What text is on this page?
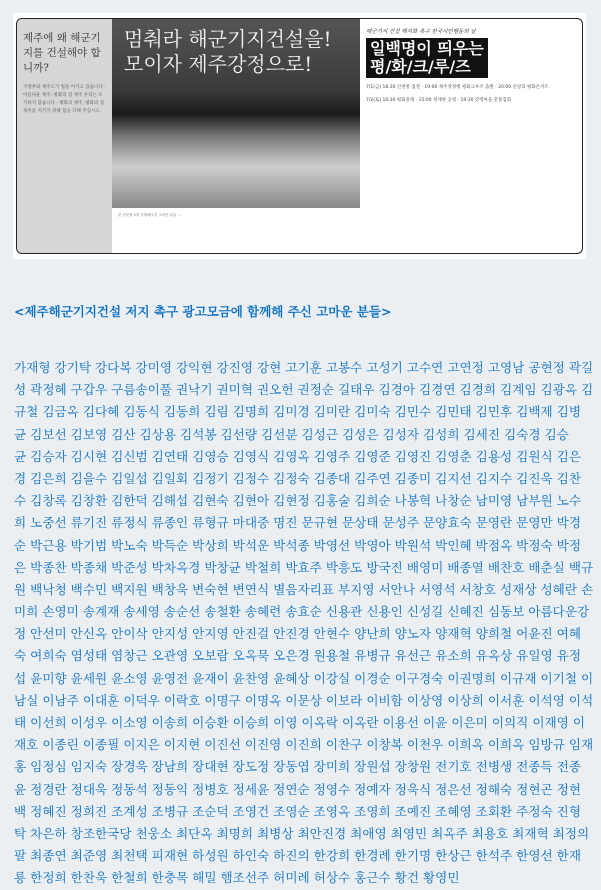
제주에 왜 해군기지를 건설해야 합니까?
국방부와 제주도가 법을 어기고 있습니다 · 아름다운 제주, 평화의 섬 제주 우리는 포기하지 않습니다 · 평화의 제주, 평화의 섬 제주를 지키기 위해 힘을 더해 주십시오.
멈춰라 해군기지건설을!
모이자 제주강정으로!
해군기지 건설 백지화 촉구 전국시민행동의 날
일백명이 띄우는
평/화/크/루/즈
7/1(금) 18:30 인천항 집결 · 19:00 제주강정행 평화크루즈 출발 · 20:00 선상의 평화콘서트
7/2(토) 10:30 평화올레 · 15:00 정세한 공청 · 19:30 강정마을 촛불집회
본 신문광고를 후원해주신 고마운 분들 ...
<제주해군기지건설 저지 촉구 광고모금에 함께해 주신 고마운 분들>
가재형 강기탁 강다복 강미영 강익현 강진영 강현 고기훈 고봉수 고성기 고수연 고연정 고영남 공현정 곽길
성 곽정혜 구갑우 구름송이풀 권낙기 권미혁 권오헌 권정순 길태우 김경아 김경연 김경희 김계임 김광옥 김
규철 김금옥 김다혜 김동식 김동희 김림 김명희 김미경 김미란 김미숙 김민수 김민태 김민후 김백제 김병
균 김보선 김보영 김산 김상용 김석봉 김선량 김선분 김성근 김성은 김성자 김성희 김세진 김숙경 김승
균 김승자 김시현 김신범 김연태 김영승 김영식 김영옥 김영주 김영준 김영진 김영춘 김용성 김원식 김은
경 김은희 김을수 김일섭 김일회 김정기 김정수 김정숙 김종대 김주연 김종미 김지선 김지수 김진욱 김찬
수 김창록 김창환 김한덕 김해섭 김현숙 김현아 김현정 김홍술 김희순 나봉혁 나창순 남미영 남부원 노수
희 노중선 류기진 류정식 류종인 류형규 마대중 명진 문규현 문상태 문성주 문양효숙 문영란 문영만 박경
순 박근용 박기범 박노숙 박득순 박상희 박석운 박석종 박영선 박영아 박원석 박인혜 박점옥 박정숙 박정
은 박종찬 박종채 박준성 박차옥경 박창균 박철희 박효주 박흥도 방국진 배영미 배종열 배찬호 배춘실 백규
원 백낙청 백수민 백지원 백창욱 변숙현 변연식 별음자리표 부지영 서안나 서영석 서창호 성재상 성혜란 손
미희 손영미 송계재 송세영 송순선 송철환 송혜련 송효순 신용관 신용인 신성길 신혜진 심동보 아름다운강
정 안선미 안신옥 안이삭 안지성 안지영 안진걸 안진경 안현수 양난희 양노자 양재혁 양희철 어윤진 여혜
숙 여희숙 염성태 염창근 오관영 오보람 오옥묵 오은경 원용철 유병규 유선근 유소희 유옥상 유일영 유정
섭 윤미향 윤세원 윤소영 윤영전 윤재이 윤찬영 윤혜상 이강실 이경순 이구경숙 이권명희 이규재 이기철 이
남실 이남주 이대훈 이덕우 이락호 이명구 이명옥 이문상 이보라 이비함 이상영 이상희 이서훈 이석영 이석
태 이선희 이성우 이소영 이송희 이승환 이승희 이영 이옥락 이옥란 이용선 이윤 이은미 이의직 이재영 이
재호 이종린 이종필 이지은 이지현 이진선 이진영 이진희 이찬구 이창복 이천우 이희옥 이희옥 임방규 임재
홍 임정심 임지숙 장경욱 장남희 장대현 장도정 장동엽 장미희 장원섭 장창원 전기호 전병생 전종득 전종
윤 정경란 정대욱 정동석 정동익 정병호 정세윤 정연순 정영수 정예자 정욱식 정은선 정해숙 정현곤 정현
백 정혜진 정희진 조계성 조병규 조순덕 조영건 조영순 조영옥 조영희 조예진 조혜영 조회환 주정숙 진형
탁 차은하 창조한국당 천웅소 최단옥 최명희 최병상 최안진경 최애영 최영민 최옥주 최용호 최재혁 최정의
팔 최종연 최준영 최천택 피재현 하성원 하인숙 하진의 한강희 한경례 한기명 한상근 한석주 한영선 한재
룡 한정희 한찬욱 한철희 한충목 해밀 햄조선주 허미례 허상수 홍근수 황건 황영민
